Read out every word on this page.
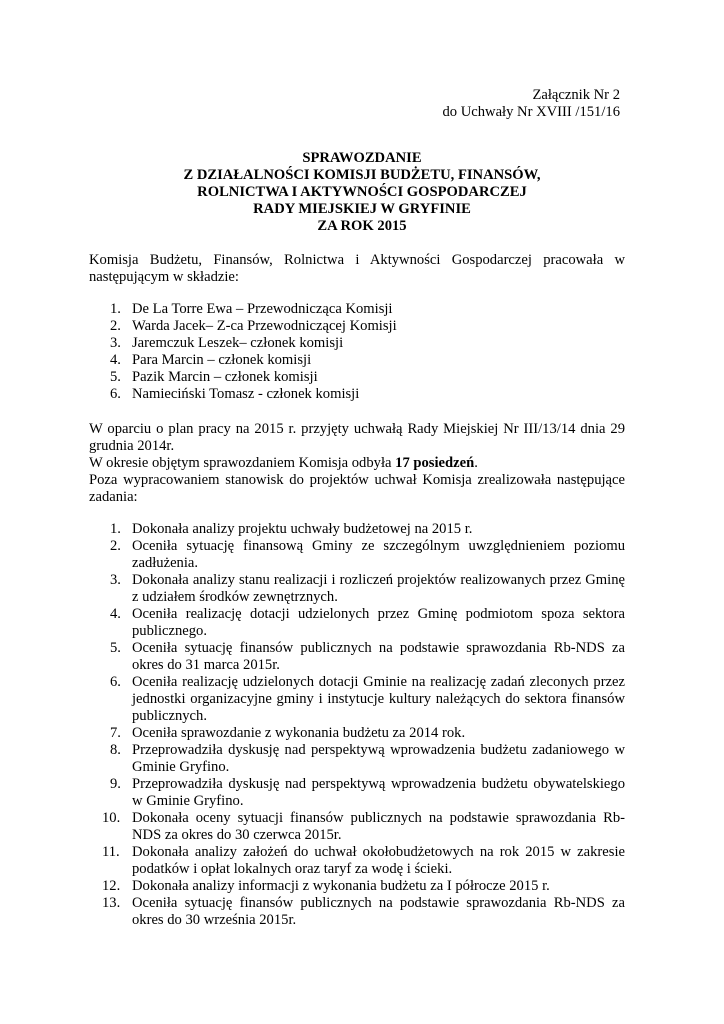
Załącznik Nr 2
do Uchwały Nr XVIII /151/16
SPRAWOZDANIE
Z DZIAŁALNOŚCI KOMISJI BUDŻETU, FINANSÓW,
ROLNICTWA I AKTYWNOŚCI GOSPODARCZEJ
RADY MIEJSKIEJ W GRYFINIE
ZA ROK 2015
Komisja Budżetu, Finansów, Rolnictwa i Aktywności Gospodarczej pracowała w następującym w składzie:
1. De La Torre Ewa – Przewodnicząca Komisji
2. Warda Jacek– Z-ca Przewodniczącej Komisji
3. Jaremczuk Leszek– członek komisji
4. Para Marcin – członek komisji
5. Pazik Marcin – członek komisji
6. Namieciński Tomasz - członek komisji

W oparciu o plan pracy na 2015 r. przyjęty uchwałą Rady Miejskiej Nr III/13/14 dnia 29 grudnia 2014r.

W okresie objętym sprawozdaniem Komisja odbyła 17 posiedzeń.

Poza wypracowaniem stanowisk do projektów uchwał Komisja zrealizowała następujące zadania:

1. Dokonała analizy projektu uchwały budżetowej na 2015 r.
2. Oceniła sytuację finansową Gminy ze szczególnym uwzględnieniem poziomu zadłużenia.
3. Dokonała analizy stanu realizacji i rozliczeń projektów realizowanych przez Gminę z udziałem środków zewnętrznych.
4. Oceniła realizację dotacji udzielonych przez Gminę podmiotom spoza sektora publicznego.
5. Oceniła sytuację finansów publicznych na podstawie sprawozdania Rb-NDS za okres do 31 marca 2015r.
6. Oceniła realizację udzielonych dotacji Gminie na realizację zadań zleconych przez jednostki organizacyjne gminy i instytucje kultury należących do sektora finansów publicznych.
7. Oceniła sprawozdanie z wykonania budżetu za 2014 rok.
8. Przeprowadziła dyskusję nad perspektywą wprowadzenia budżetu zadaniowego w Gminie Gryfino.
9. Przeprowadziła dyskusję nad perspektywą wprowadzenia budżetu obywatelskiego w Gminie Gryfino.
10. Dokonała oceny sytuacji finansów publicznych na podstawie sprawozdania Rb-NDS za okres do 30 czerwca 2015r.
11. Dokonała analizy założeń do uchwał okołobudżetowych na rok 2015 w zakresie podatków i opłat lokalnych oraz taryf za wodę i ścieki.
12. Dokonała analizy informacji z wykonania budżetu za I półrocze 2015 r.
13. Oceniła sytuację finansów publicznych na podstawie sprawozdania Rb-NDS za okres do 30 września 2015r.
